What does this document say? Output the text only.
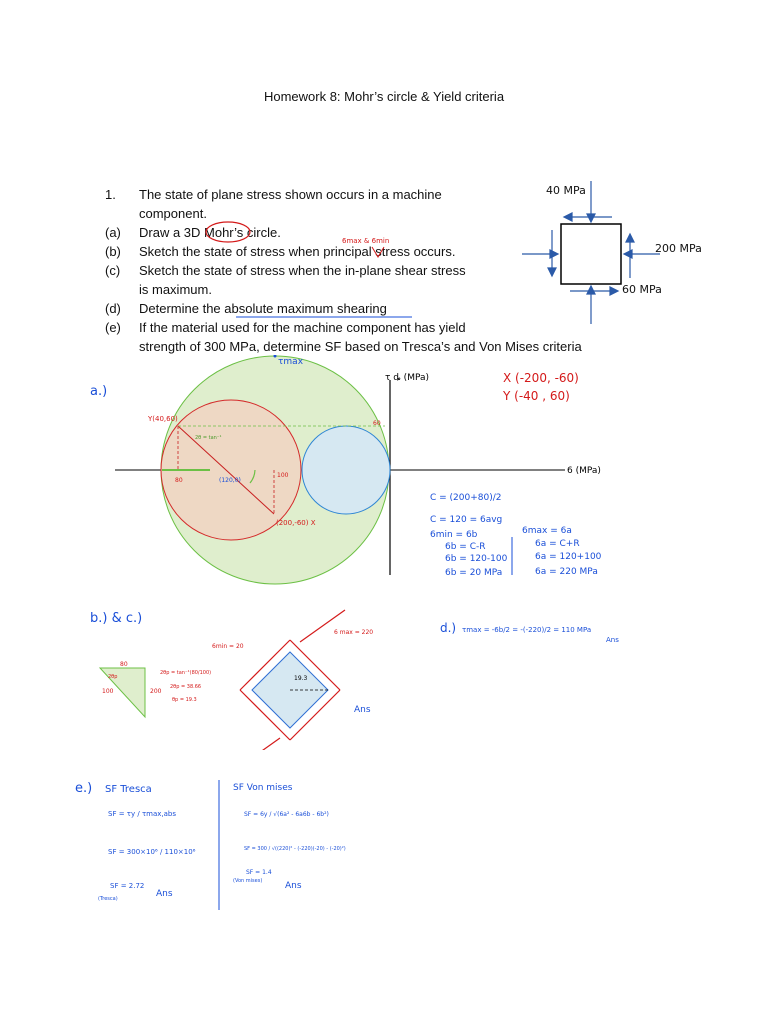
Homework 8: Mohr’s circle & Yield criteria
1. The state of plane stress shown occurs in a machine
component.
(a) Draw a 3D Mohr’s circle.
(b) Sketch the state of stress when principal stress occurs.
(c) Sketch the state of stress when the in-plane shear stress
is maximum.
(d) Determine the absolute maximum shearing
(e) If the material used for the machine component has yield
strength of 300 MPa, determine SF based on Tresca’s and Von Mises criteria
6max & 6min
40 MPa
200 MPa
60 MPa
a.)
τmax
τ ȡ (MPa)
6 (MPa)
Y(40,60)
(200,-60) X
(120,0)
80
100
60
2θ = tan⁻¹
X (-200, -60)
Y (-40 , 60)
C = (200+80)/2
C = 120 = 6avg
6min = 6b
6b = C-R
6b = 120-100
6b = 20 MPa
6max = 6a
6a = C+R
6a = 120+100
6a = 220 MPa
b.) & c.)
80
100	200
2θp
2θp = tan⁻¹(80/100)
2θp = 38.66
θp = 19.3
19.3
6min = 20
6 max = 220
Ans
d.) τmax = -6b/2 = -(-220)/2 = 110 MPa
Ans
e.) SF Tresca
SF = τy / τmax,abs
SF = 300×10⁶ / 110×10⁶
SF = 2.72
(Tresca)	Ans
SF Von mises
SF = 6y / √(6a² - 6a6b - 6b²)
SF = 300 / √((220)² - (-220)(-20) - (-20)²)
SF = 1.4
(Von mises)	Ans
